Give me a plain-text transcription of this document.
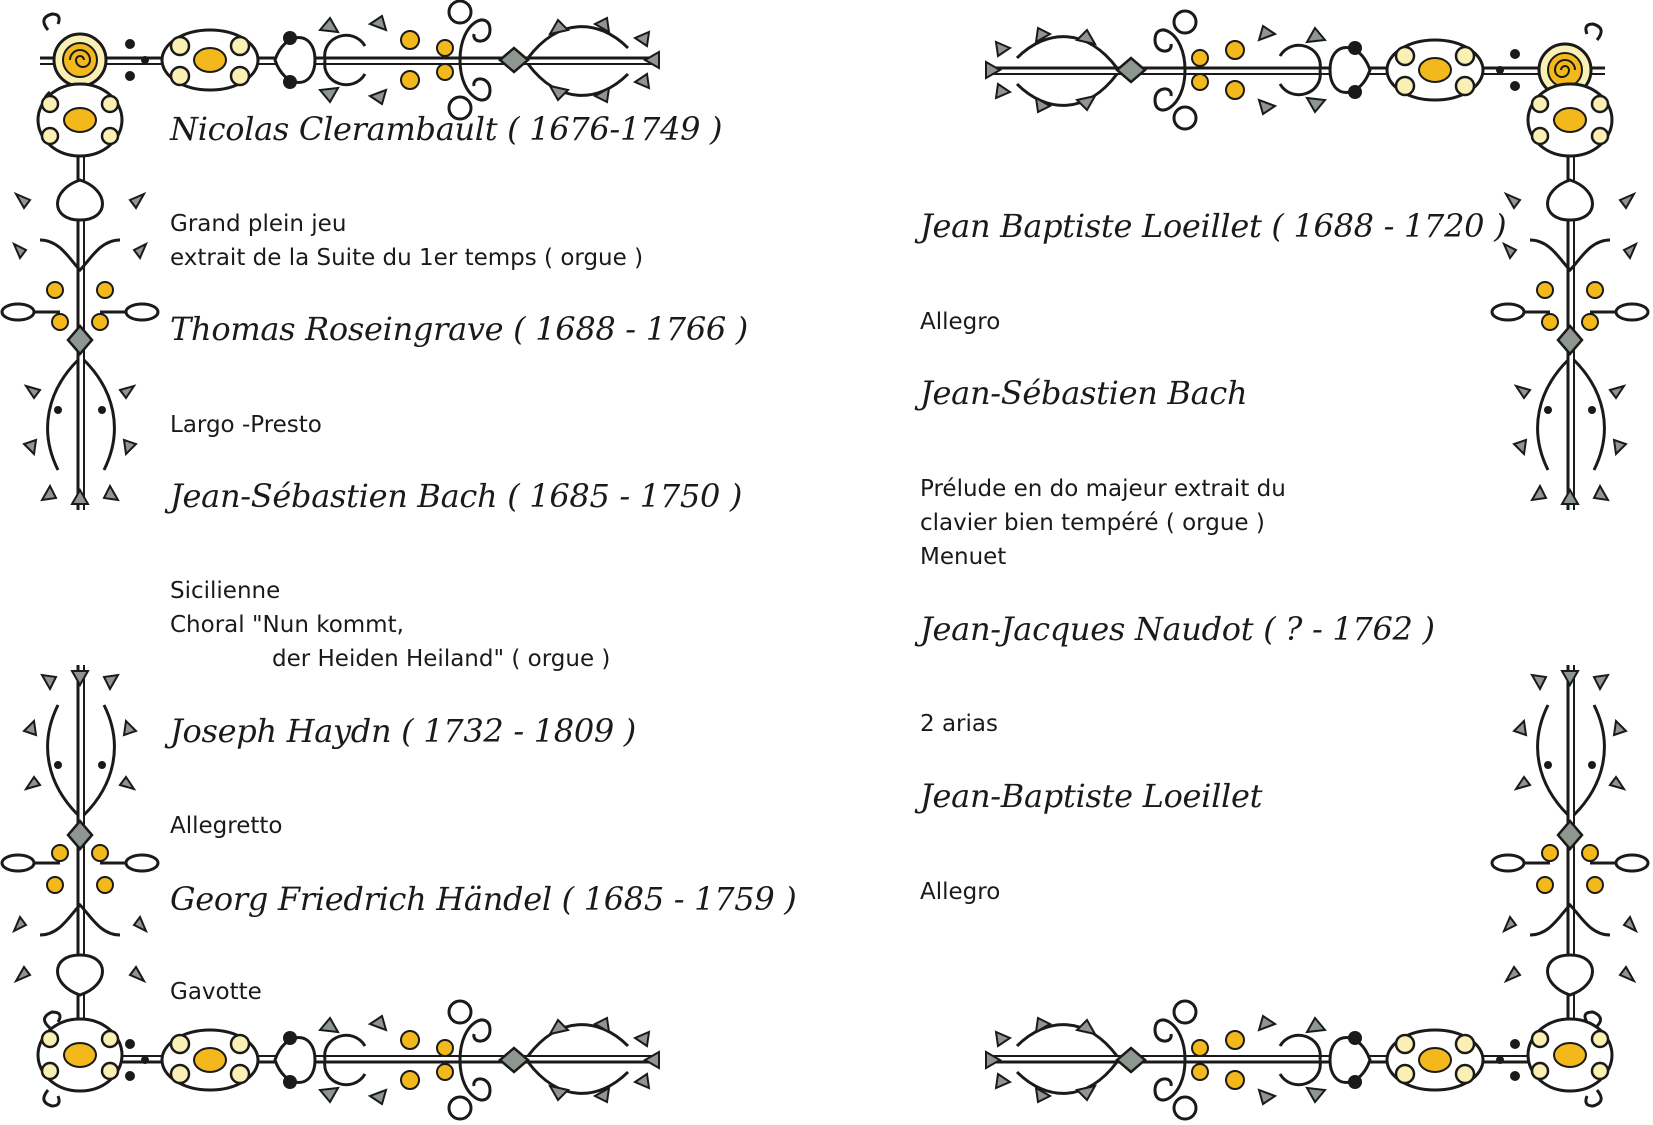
Nicolas Clerambault ( 1676-1749 )
Grand plein jeu
extrait de la Suite du 1er temps ( orgue )
Thomas Roseingrave ( 1688 - 1766 )
Largo -Presto
Jean-Sébastien Bach ( 1685 - 1750 )
Sicilienne
Choral "Nun kommt,
der Heiden Heiland" ( orgue )
Joseph Haydn ( 1732 - 1809 )
Allegretto
Georg Friedrich Händel ( 1685 - 1759 )
Gavotte
Jean Baptiste Loeillet ( 1688 - 1720 )
Allegro
Jean-Sébastien Bach
Prélude en do majeur extrait du
clavier bien tempéré ( orgue )
Menuet
Jean-Jacques Naudot ( ? - 1762 )
2 arias
Jean-Baptiste Loeillet
Allegro
